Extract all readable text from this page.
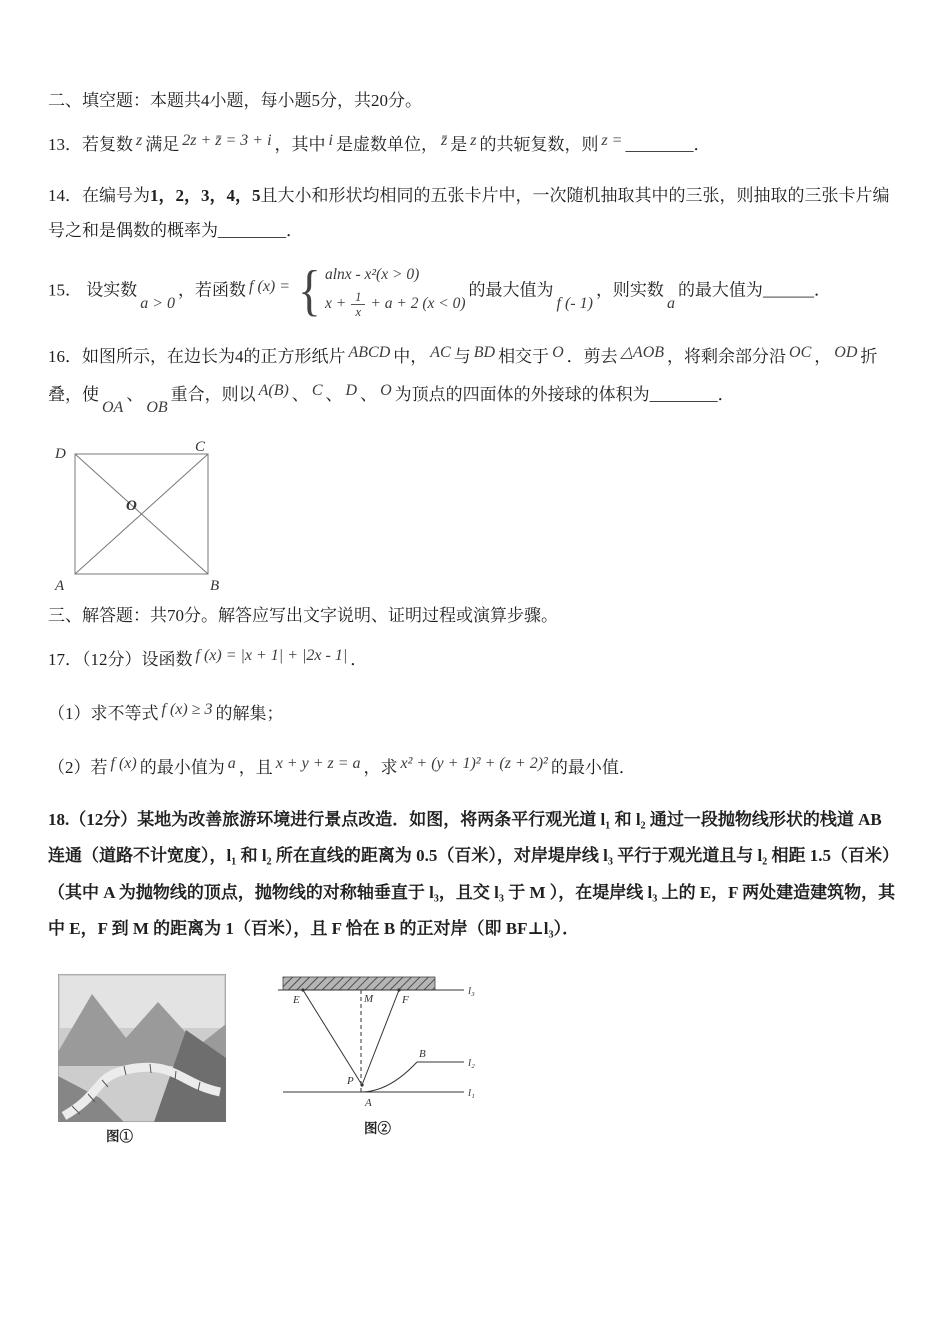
二、填空题：本题共4小题，每小题5分，共20分。

13．若复数 z 满足 2z + z̄ = 3 + i ，其中 i 是虚数单位， z̄ 是 z 的共轭复数，则 z = ________．

14．在编号为1，2，3，4，5且大小和形状均相同的五张卡片中，一次随机抽取其中的三张，则抽取的三张卡片编号之和是偶数的概率为________．

15． 设实数a > 0，若函数 f (x) = { alnx - x²(x > 0)
$x + \frac{1}{x} + a + 2$ (x < 0)
的最大值为f (- 1)，则实数a的最大值为______．

16．如图所示，在边长为4的正方形纸片 ABCD 中， AC 与 BD 相交于 O ．剪去 △AOB ，将剩余部分沿 OC ， OD 折叠，使OA、OB重合，则以 A(B) 、 C 、 D 、 O 为顶点的四面体的外接球的体积为________．

D	C
A	B
O

三、解答题：共70分。解答应写出文字说明、证明过程或演算步骤。

17．（12分）设函数 f (x) = |x + 1| + |2x - 1| ．

（1）求不等式 f (x) ≥ 3 的解集；

（2）若 f (x) 的最小值为 a ，且 x + y + z = a ，求 x² + (y + 1)² + (z + 2)² 的最小值．

18.（12分）某地为改善旅游环境进行景点改造．如图，将两条平行观光道 l₁ 和 l₂ 通过一段抛物线形状的栈道 AB 连通（道路不计宽度），l₁ 和 l₂ 所在直线的距离为 0.5（百米），对岸堤岸线 l₃ 平行于观光道且与 l₂ 相距 1.5（百米）（其中 A 为抛物线的顶点，抛物线的对称轴垂直于 l₃，且交 l₃ 于 M ），在堤岸线 l₃ 上的 E，F 两处建造建筑物，其中 E，F 到 M 的距离为 1（百米），且 F 恰在 B 的正对岸（即 BF⊥l₃）．

图①
E	M	F
B
P
A
l₃
l₂
l₁
图②
